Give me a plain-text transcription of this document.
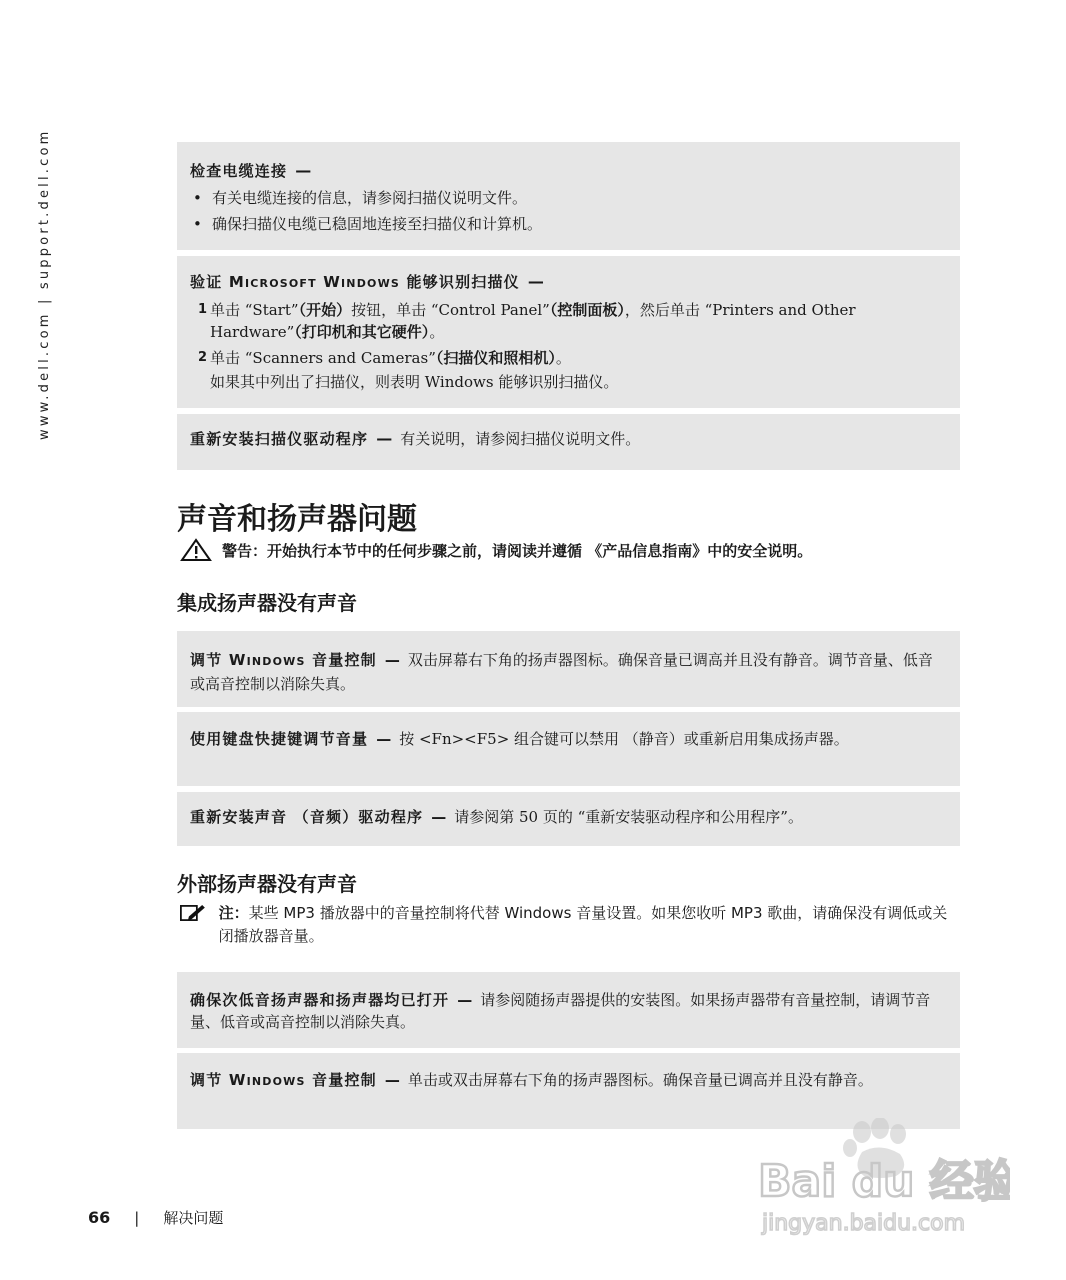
www.dell.com | support.dell.com	检查电缆连接 —
• 有关电缆连接的信息，请参阅扫描仪说明文件。
• 确保扫描仪电缆已稳固地连接至扫描仪和计算机。
验证 MICROSOFT WINDOWS 能够识别扫描仪 —
1 单击 “Start”（开始）按钮，单击 “Control Panel”（控制面板），然后单击 “Printers and Other Hardware”（打印机和其它硬件）。
2 单击 “Scanners and Cameras”（扫描仪和照相机）。
如果其中列出了扫描仪，则表明 Windows 能够识别扫描仪。
重新安装扫描仪驱动程序 — 有关说明，请参阅扫描仪说明文件。
声音和扬声器问题
警告：开始执行本节中的任何步骤之前，请阅读并遵循 《产品信息指南》中的安全说明。
集成扬声器没有声音
调节 WINDOWS 音量控制 — 双击屏幕右下角的扬声器图标。确保音量已调高并且没有静音。调节音量、低音或高音控制以消除失真。
使用键盘快捷键调节音量 — 按 <Fn><F5> 组合键可以禁用 （静音）或重新启用集成扬声器。
重新安装声音 （音频）驱动程序 — 请参阅第 50 页的 “重新安装驱动程序和公用程序”。
外部扬声器没有声音
注：某些 MP3 播放器中的音量控制将代替 Windows 音量设置。如果您收听 MP3 歌曲，请确保没有调低或关闭播放器音量。
确保次低音扬声器和扬声器均已打开 — 请参阅随扬声器提供的安装图。如果扬声器带有音量控制，请调节音量、低音或高音控制以消除失真。
调节 WINDOWS 音量控制 — 单击或双击屏幕右下角的扬声器图标。确保音量已调高并且没有静音。
66 | 解决问题
Bai du 经验
jingyan.baidu.com
